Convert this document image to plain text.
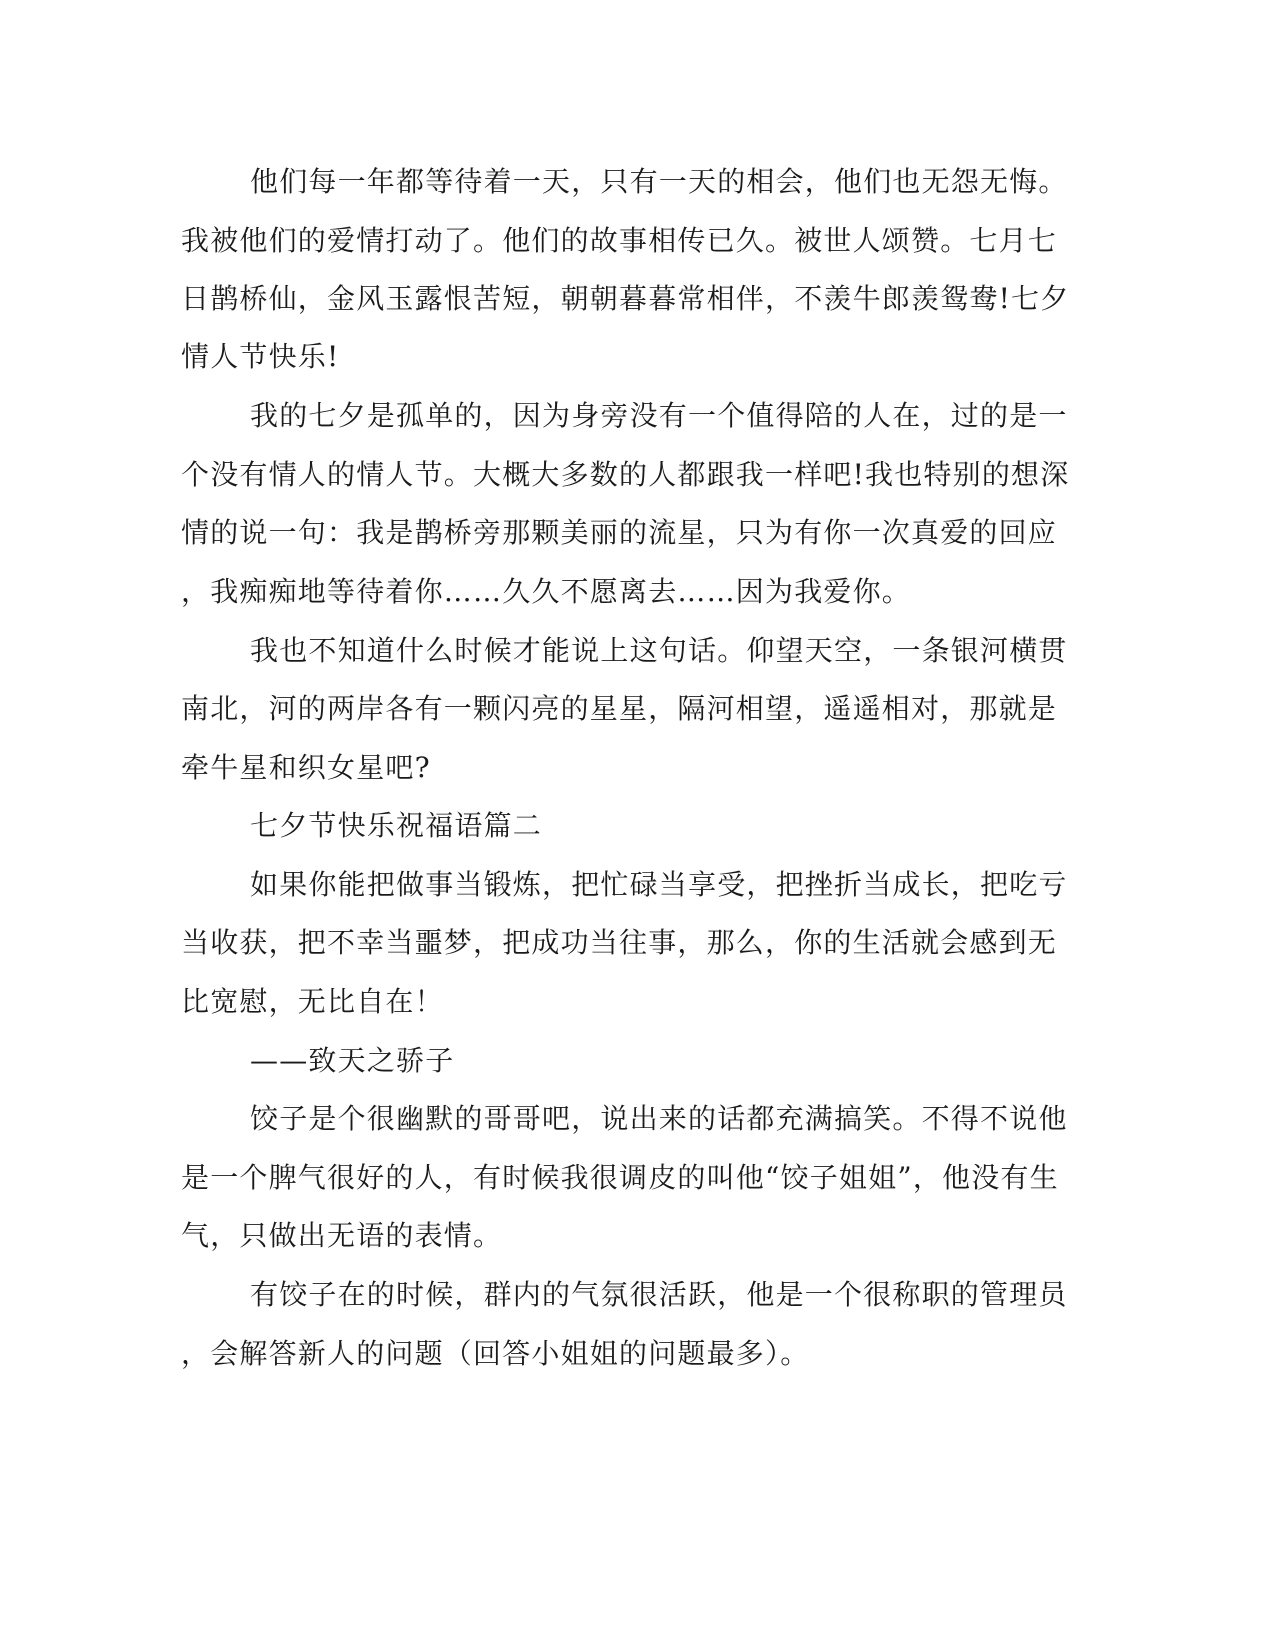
他们每一年都等待着一天，只有一天的相会，他们也无怨无悔。
我被他们的爱情打动了。他们的故事相传已久。被世人颂赞。七月七
日鹊桥仙，金风玉露恨苦短，朝朝暮暮常相伴，不羡牛郎羡鸳鸯!七夕
情人节快乐!
我的七夕是孤单的，因为身旁没有一个值得陪的人在，过的是一
个没有情人的情人节。大概大多数的人都跟我一样吧!我也特别的想深
情的说一句：我是鹊桥旁那颗美丽的流星，只为有你一次真爱的回应
，我痴痴地等待着你……久久不愿离去……因为我爱你。
我也不知道什么时候才能说上这句话。仰望天空，一条银河横贯
南北，河的两岸各有一颗闪亮的星星，隔河相望，遥遥相对，那就是
牵牛星和织女星吧?
七夕节快乐祝福语篇二
如果你能把做事当锻炼，把忙碌当享受，把挫折当成长，把吃亏
当收获，把不幸当噩梦，把成功当往事，那么，你的生活就会感到无
比宽慰，无比自在！
——致天之骄子
饺子是个很幽默的哥哥吧，说出来的话都充满搞笑。不得不说他
是一个脾气很好的人，有时候我很调皮的叫他“饺子姐姐”，他没有生
气，只做出无语的表情。
有饺子在的时候，群内的气氛很活跃，他是一个很称职的管理员
，会解答新人的问题（回答小姐姐的问题最多）。
